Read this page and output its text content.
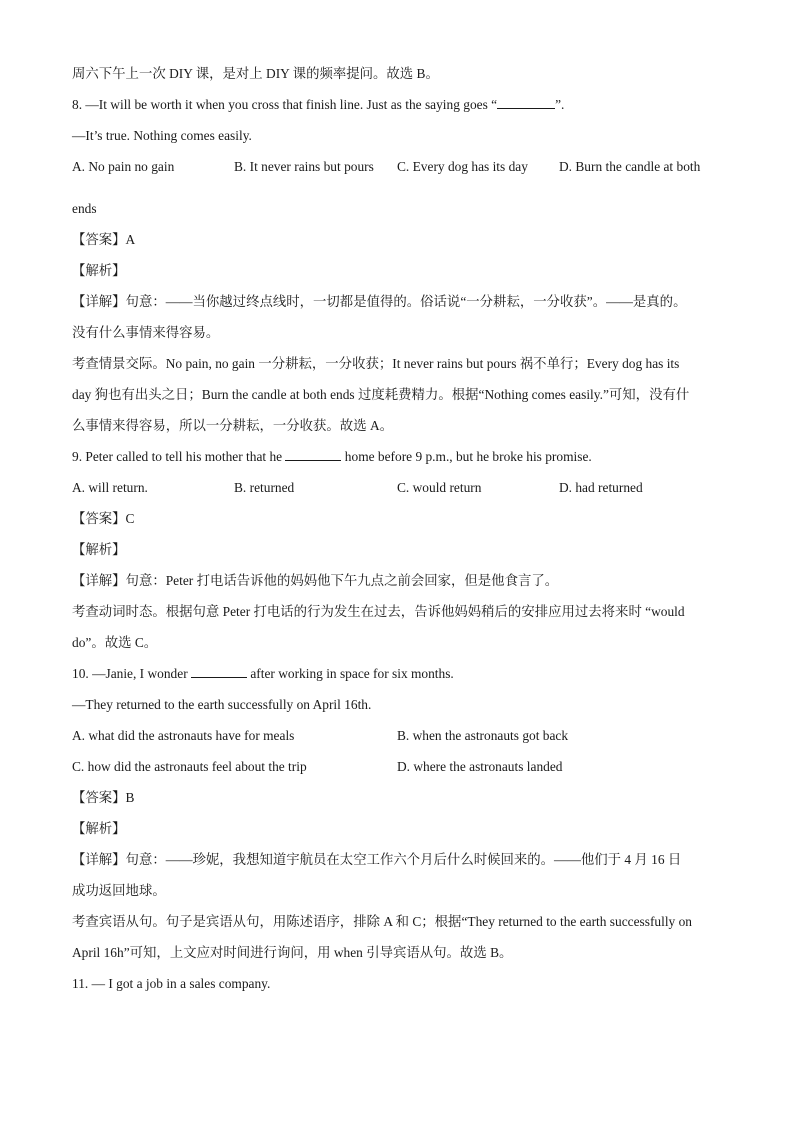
周六下午上一次 DIY 课，是对上 DIY 课的频率提问。故选 B。
8. —It will be worth it when you cross that finish line. Just as the saying goes “	”.
—It’s true. Nothing comes easily.
A. No pain no gain	B. It never rains but pours	C. Every dog has its day	D. Burn the candle at both
ends
【答案】A
【解析】
【详解】句意：——当你越过终点线时，一切都是值得的。俗话说“一分耕耘，一分收获”。——是真的。
没有什么事情来得容易。
考查情景交际。No pain, no gain 一分耕耘，一分收获；It never rains but pours 祸不单行；Every dog has its
day 狗也有出头之日；Burn the candle at both ends 过度耗费精力。根据“Nothing comes easily.”可知，没有什
么事情来得容易，所以一分耕耘，一分收获。故选 A。
9. Peter called to tell his mother that he	home before 9 p.m., but he broke his promise.
A. will return.	B. returned	C. would return	D. had returned
【答案】C
【解析】
【详解】句意：Peter 打电话告诉他的妈妈他下午九点之前会回家，但是他食言了。
考查动词时态。根据句意 Peter 打电话的行为发生在过去，告诉他妈妈稍后的安排应用过去将来时 “would
do”。故选 C。
10. —Janie, I wonder	after working in space for six months.
—They returned to the earth successfully on April 16th.
A. what did the astronauts have for meals	B. when the astronauts got back
C. how did the astronauts feel about the trip	D. where the astronauts landed
【答案】B
【解析】
【详解】句意：——珍妮，我想知道宇航员在太空工作六个月后什么时候回来的。——他们于 4 月 16 日
成功返回地球。
考查宾语从句。句子是宾语从句，用陈述语序，排除 A 和 C；根据“They returned to the earth successfully on
April 16h”可知，上文应对时间进行询问，用 when 引导宾语从句。故选 B。
11. — I got a job in a sales company.
